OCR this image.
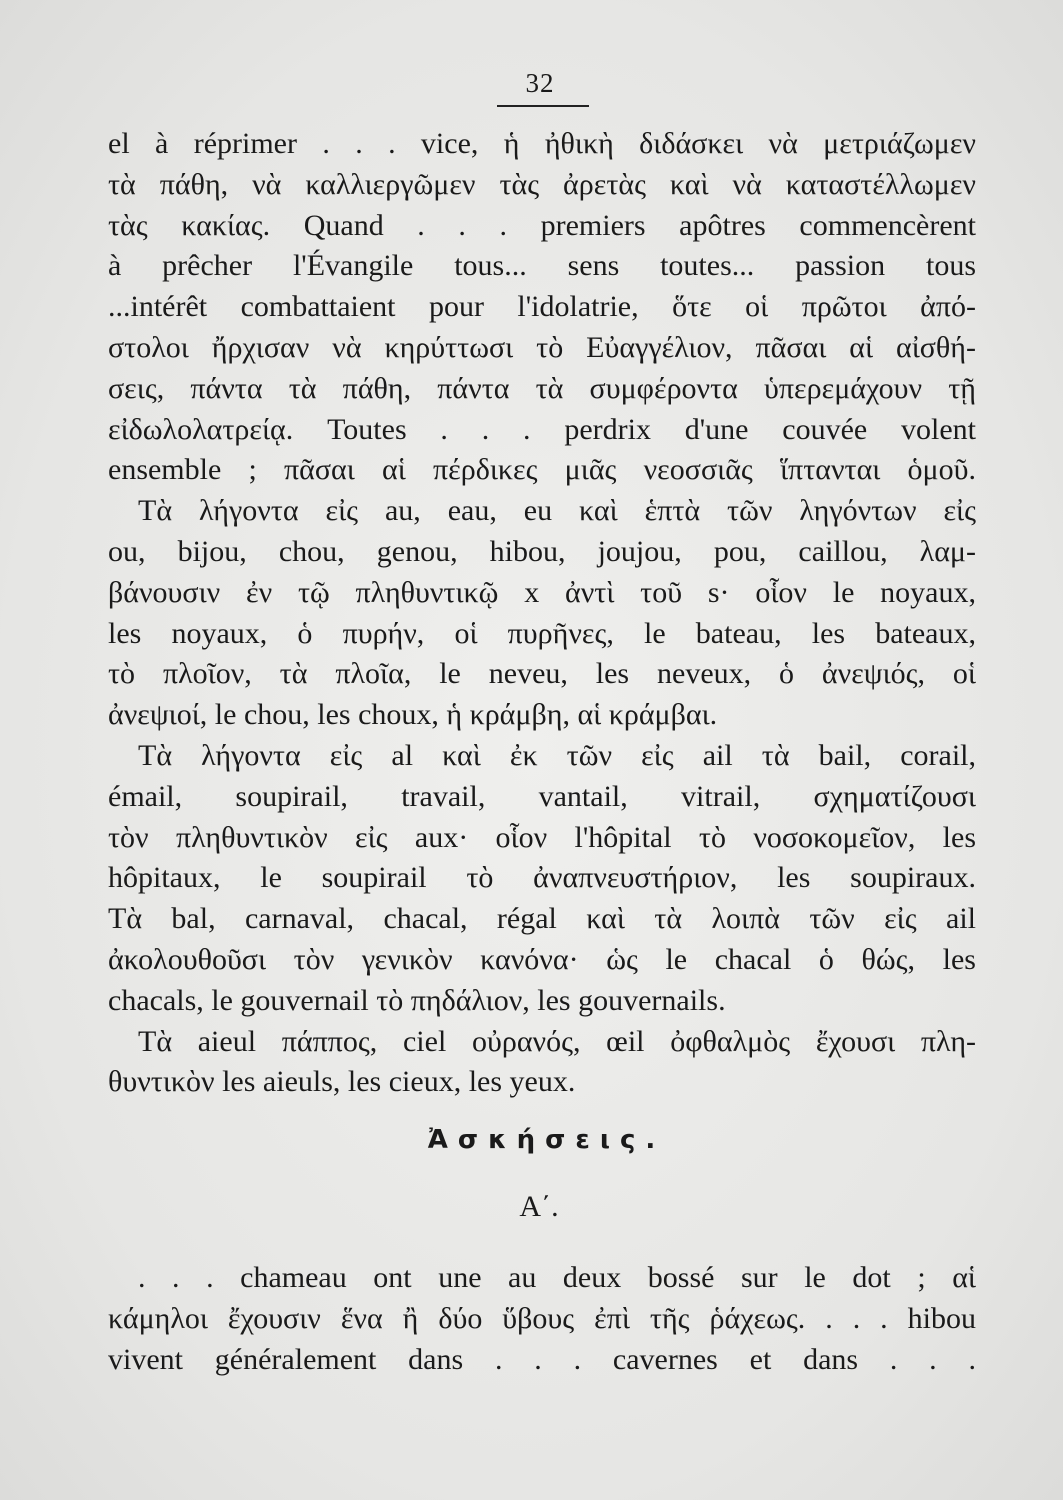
32
el à réprimer . . . vice, ἡ ἠθικὴ διδάσκει νὰ μετριάζωμεν
τὰ πάθη, νὰ καλλιεργῶμεν τὰς ἀρετὰς καὶ νὰ καταστέλλωμεν
τὰς κακίας. Quand . . . premiers apôtres commencèrent
à prêcher l'Évangile tous... sens toutes... passion tous
...intérêt combattaient pour l'idolatrie, ὅτε οἱ πρῶτοι ἀπό-
στολοι ἤρχισαν νὰ κηρύττωσι τὸ Εὐαγγέλιον, πᾶσαι αἱ αἰσθή-
σεις, πάντα τὰ πάθη, πάντα τὰ συμφέροντα ὑπερεμάχουν τῇ
εἰδωλολατρείᾳ. Toutes . . . perdrix d'une couvée volent
ensemble ; πᾶσαι αἱ πέρδικες μιᾶς νεοσσιᾶς ἵπτανται ὁμοῦ.
Τὰ λήγοντα εἰς au, eau, eu καὶ ἑπτὰ τῶν ληγόντων εἰς
ou, bijou, chou, genou, hibou, joujou, pou, caillou, λαμ-
βάνουσιν ἐν τῷ πληθυντικῷ x ἀντὶ τοῦ s· οἷον le noyaux,
les noyaux, ὁ πυρήν, οἱ πυρῆνες, le bateau, les bateaux,
τὸ πλοῖον, τὰ πλοῖα, le neveu, les neveux, ὁ ἀνεψιός, οἱ
ἀνεψιοί, le chou, les choux, ἡ κράμβη, αἱ κράμβαι.
Τὰ λήγοντα εἰς al καὶ ἐκ τῶν εἰς ail τὰ bail, corail,
émail, soupirail, travail, vantail, vitrail, σχηματίζουσι
τὸν πληθυντικὸν εἰς aux· οἷον l'hôpital τὸ νοσοκομεῖον, les
hôpitaux, le soupirail τὸ ἀναπνευστήριον, les soupiraux.
Τὰ bal, carnaval, chacal, régal καὶ τὰ λοιπὰ τῶν εἰς ail
ἀκολουθοῦσι τὸν γενικὸν κανόνα· ὡς le chacal ὁ θώς, les
chacals, le gouvernail τὸ πηδάλιον, les gouvernails.
Τὰ aieul πάππος, ciel οὐρανός, œil ὀφθαλμὸς ἔχουσι πλη-
θυντικὸν les aieuls, les cieux, les yeux.
Ἀσκήσεις.
Α΄.
. . . chameau ont une au deux bossé sur le dot ; αἱ
κάμηλοι ἔχουσιν ἕνα ἢ δύο ὕβους ἐπὶ τῆς ῥάχεως. . . . hibou
vivent généralement dans . . . cavernes et dans . . .
